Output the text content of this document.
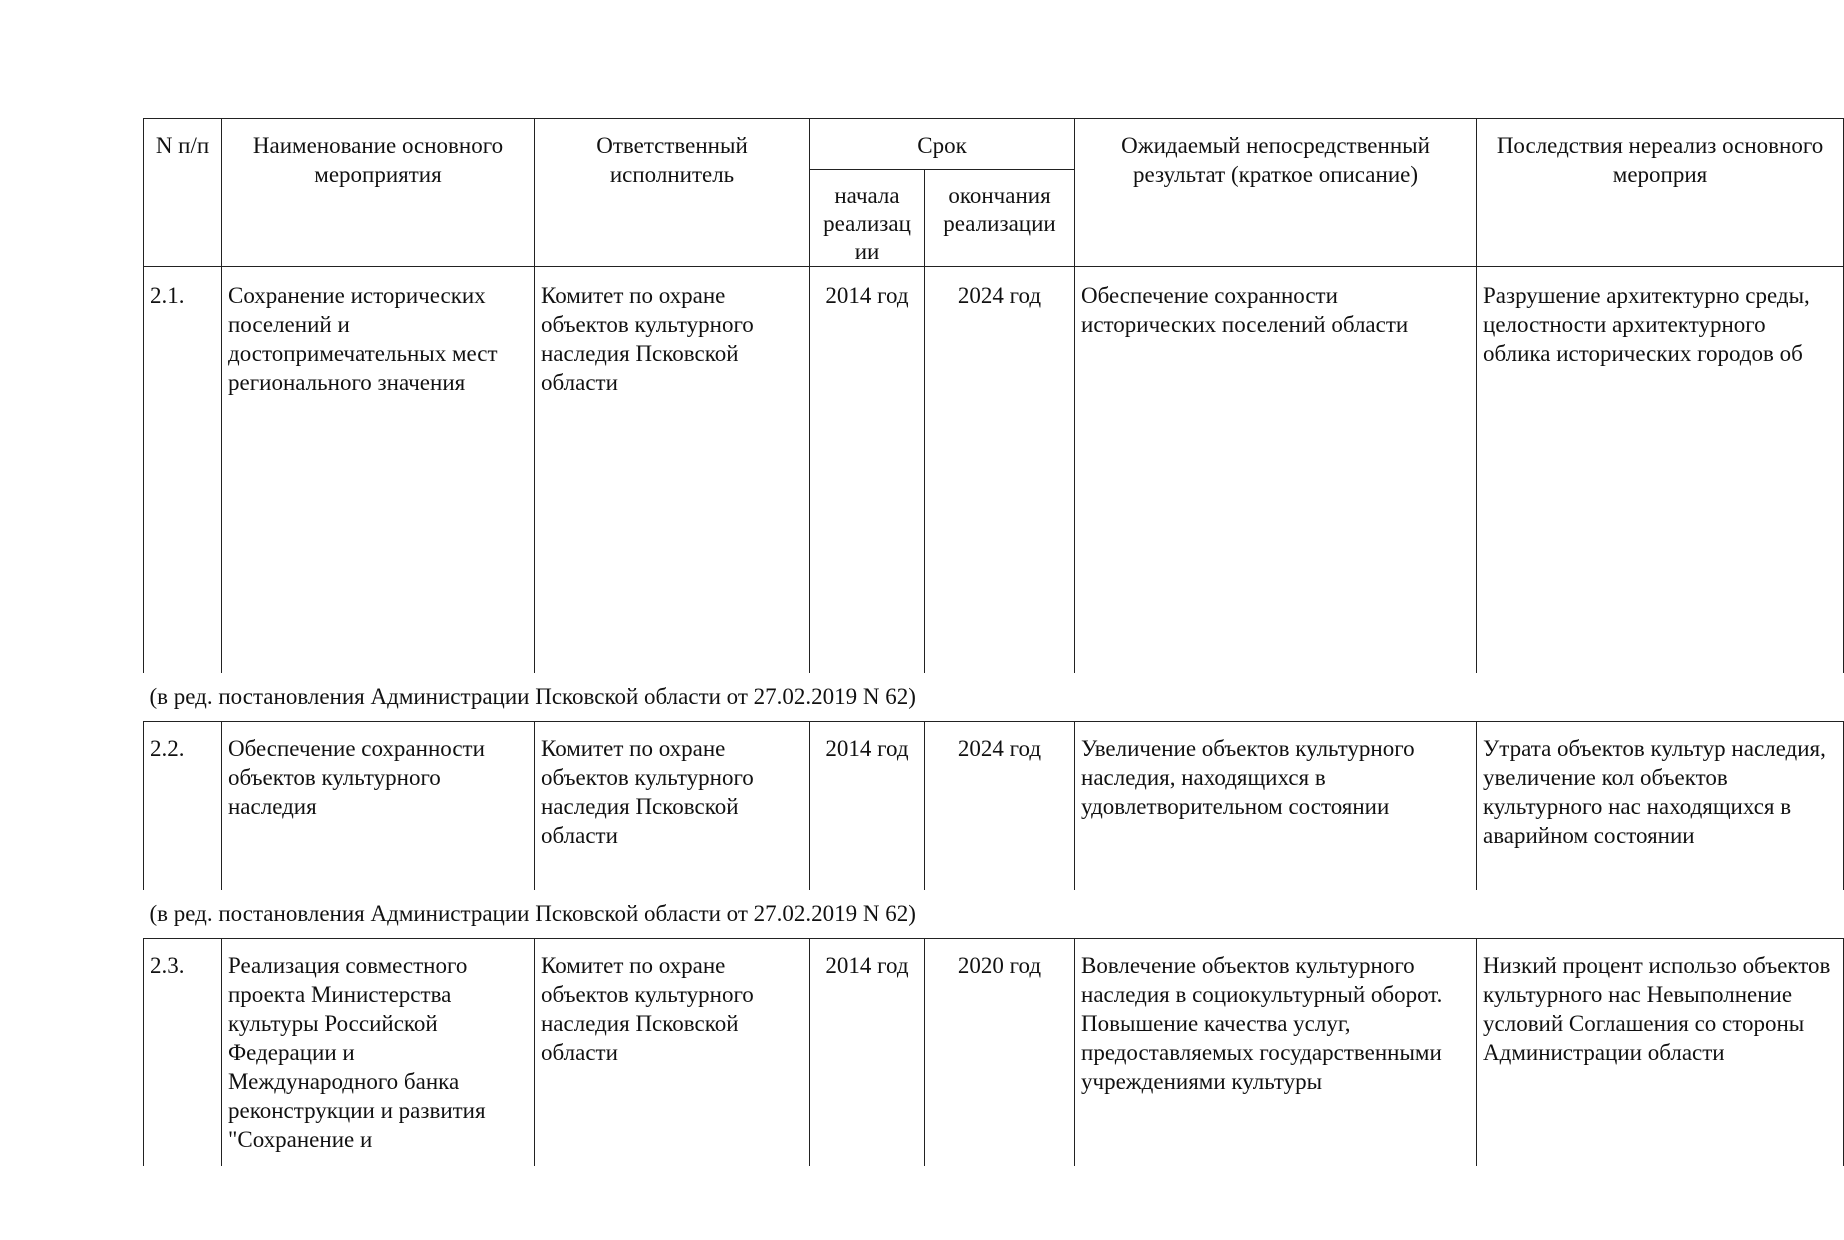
N п/п	Наименование основного мероприятия	Ответственный исполнитель	Срок		Ожидаемый непосредственный результат (краткое описание)	Последствия нереализ основного мероприя
			начала реализац ии	окончания реализации		
2.1.	Сохранение исторических поселений и достопримечательных мест регионального значения	Комитет по охране объектов культурного наследия Псковской области	2014 год	2024 год	Обеспечение сохранности исторических поселений области	Разрушение архитектурно среды, целостности архитектурного облика исторических городов об
(в ред. постановления Администрации Псковской области от 27.02.2019 N 62)						
2.2.	Обеспечение сохранности объектов культурного наследия	Комитет по охране объектов культурного наследия Псковской области	2014 год	2024 год	Увеличение объектов культурного наследия, находящихся в удовлетворительном состоянии	Утрата объектов культур наследия, увеличение кол объектов культурного нас находящихся в аварийном состоянии
(в ред. постановления Администрации Псковской области от 27.02.2019 N 62)						
2.3.	Реализация совместного проекта Министерства культуры Российской Федерации и Международного банка реконструкции и развития "Сохранение и	Комитет по охране объектов культурного наследия Псковской области	2014 год	2020 год	Вовлечение объектов культурного наследия в социокультурный оборот. Повышение качества услуг, предоставляемых государственными учреждениями культуры	Низкий процент использо объектов культурного нас Невыполнение условий Соглашения со стороны Администрации области
